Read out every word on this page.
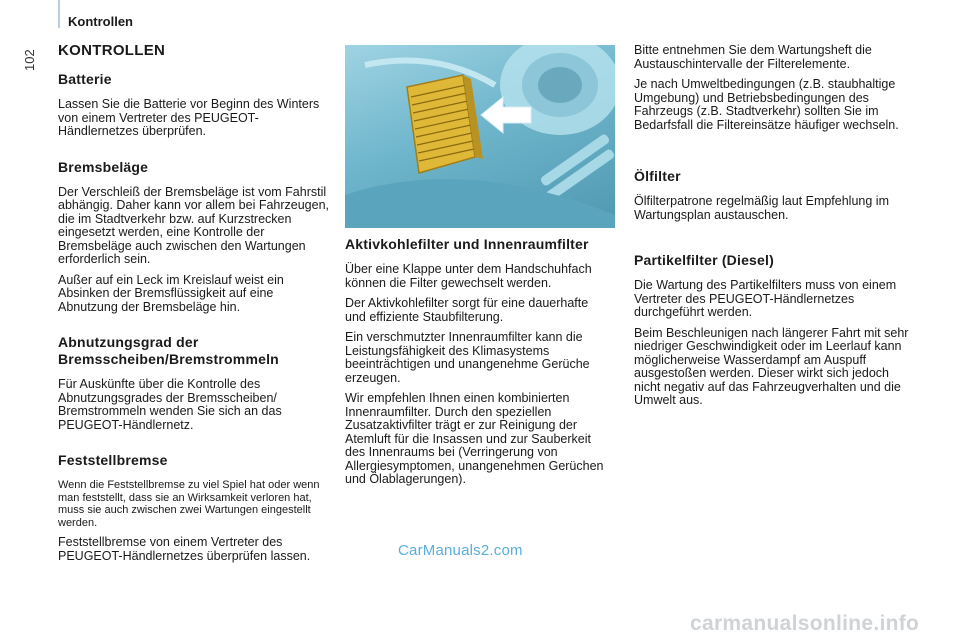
102
Kontrollen
KONTROLLEN
Batterie

Lassen Sie die Batterie vor Beginn des Winters von einem Vertreter des PEUGEOT-Händlernetzes überprüfen.

Bremsbeläge

Der Verschleiß der Bremsbeläge ist vom Fahrstil abhängig. Daher kann vor allem bei Fahrzeugen, die im Stadtverkehr bzw. auf Kurzstrecken eingesetzt werden, eine Kontrolle der Bremsbeläge auch zwischen den Wartungen erforderlich sein.

Außer auf ein Leck im Kreislauf weist ein Absinken der Bremsflüssigkeit auf eine Abnutzung der Bremsbeläge hin.

Abnutzungsgrad der Bremsscheiben/Bremstrommeln

Für Auskünfte über die Kontrolle des Abnutzungsgrades der Bremsscheiben/ Bremstrommeln wenden Sie sich an das PEUGEOT-Händlernetz.

Feststellbremse

Wenn die Feststellbremse zu viel Spiel hat oder wenn man feststellt, dass sie an Wirksamkeit verloren hat, muss sie auch zwischen zwei Wartungen eingestellt werden.

Feststellbremse von einem Vertreter des PEUGEOT-Händlernetzes überprüfen lassen.

Aktivkohlefilter und Innenraumfilter

Über eine Klappe unter dem Handschuhfach können die Filter gewechselt werden.

Der Aktivkohlefilter sorgt für eine dauerhafte und effiziente Staubfilterung.

Ein verschmutzter Innenraumfilter kann die Leistungsfähigkeit des Klimasystems beeinträchtigen und unangenehme Gerüche erzeugen.

Wir empfehlen Ihnen einen kombinierten Innenraumfilter. Durch den speziellen Zusatzaktivfilter trägt er zur Reinigung der Atemluft für die Insassen und zur Sauberkeit des Innenraums bei (Verringerung von Allergiesymptomen, unangenehmen Gerüchen und Ölablagerungen).

Bitte entnehmen Sie dem Wartungsheft die Austauschintervalle der Filterelemente.

Je nach Umweltbedingungen (z.B. staubhaltige Umgebung) und Betriebsbedingungen des Fahrzeugs (z.B. Stadtverkehr) sollten Sie im Bedarfsfall die Filtereinsätze häufiger wechseln.

Ölfilter

Ölfilterpatrone regelmäßig laut Empfehlung im Wartungsplan austauschen.

Partikelfilter (Diesel)

Die Wartung des Partikelfilters muss von einem Vertreter des PEUGEOT-Händlernetzes durchgeführt werden.

Beim Beschleunigen nach längerer Fahrt mit sehr niedriger Geschwindigkeit oder im Leerlauf kann möglicherweise Wasserdampf am Auspuff ausgestoßen werden. Dieser wirkt sich jedoch nicht negativ auf das Fahrzeugverhalten und die Umwelt aus.

CarManuals2.com
carmanualsonline.info
